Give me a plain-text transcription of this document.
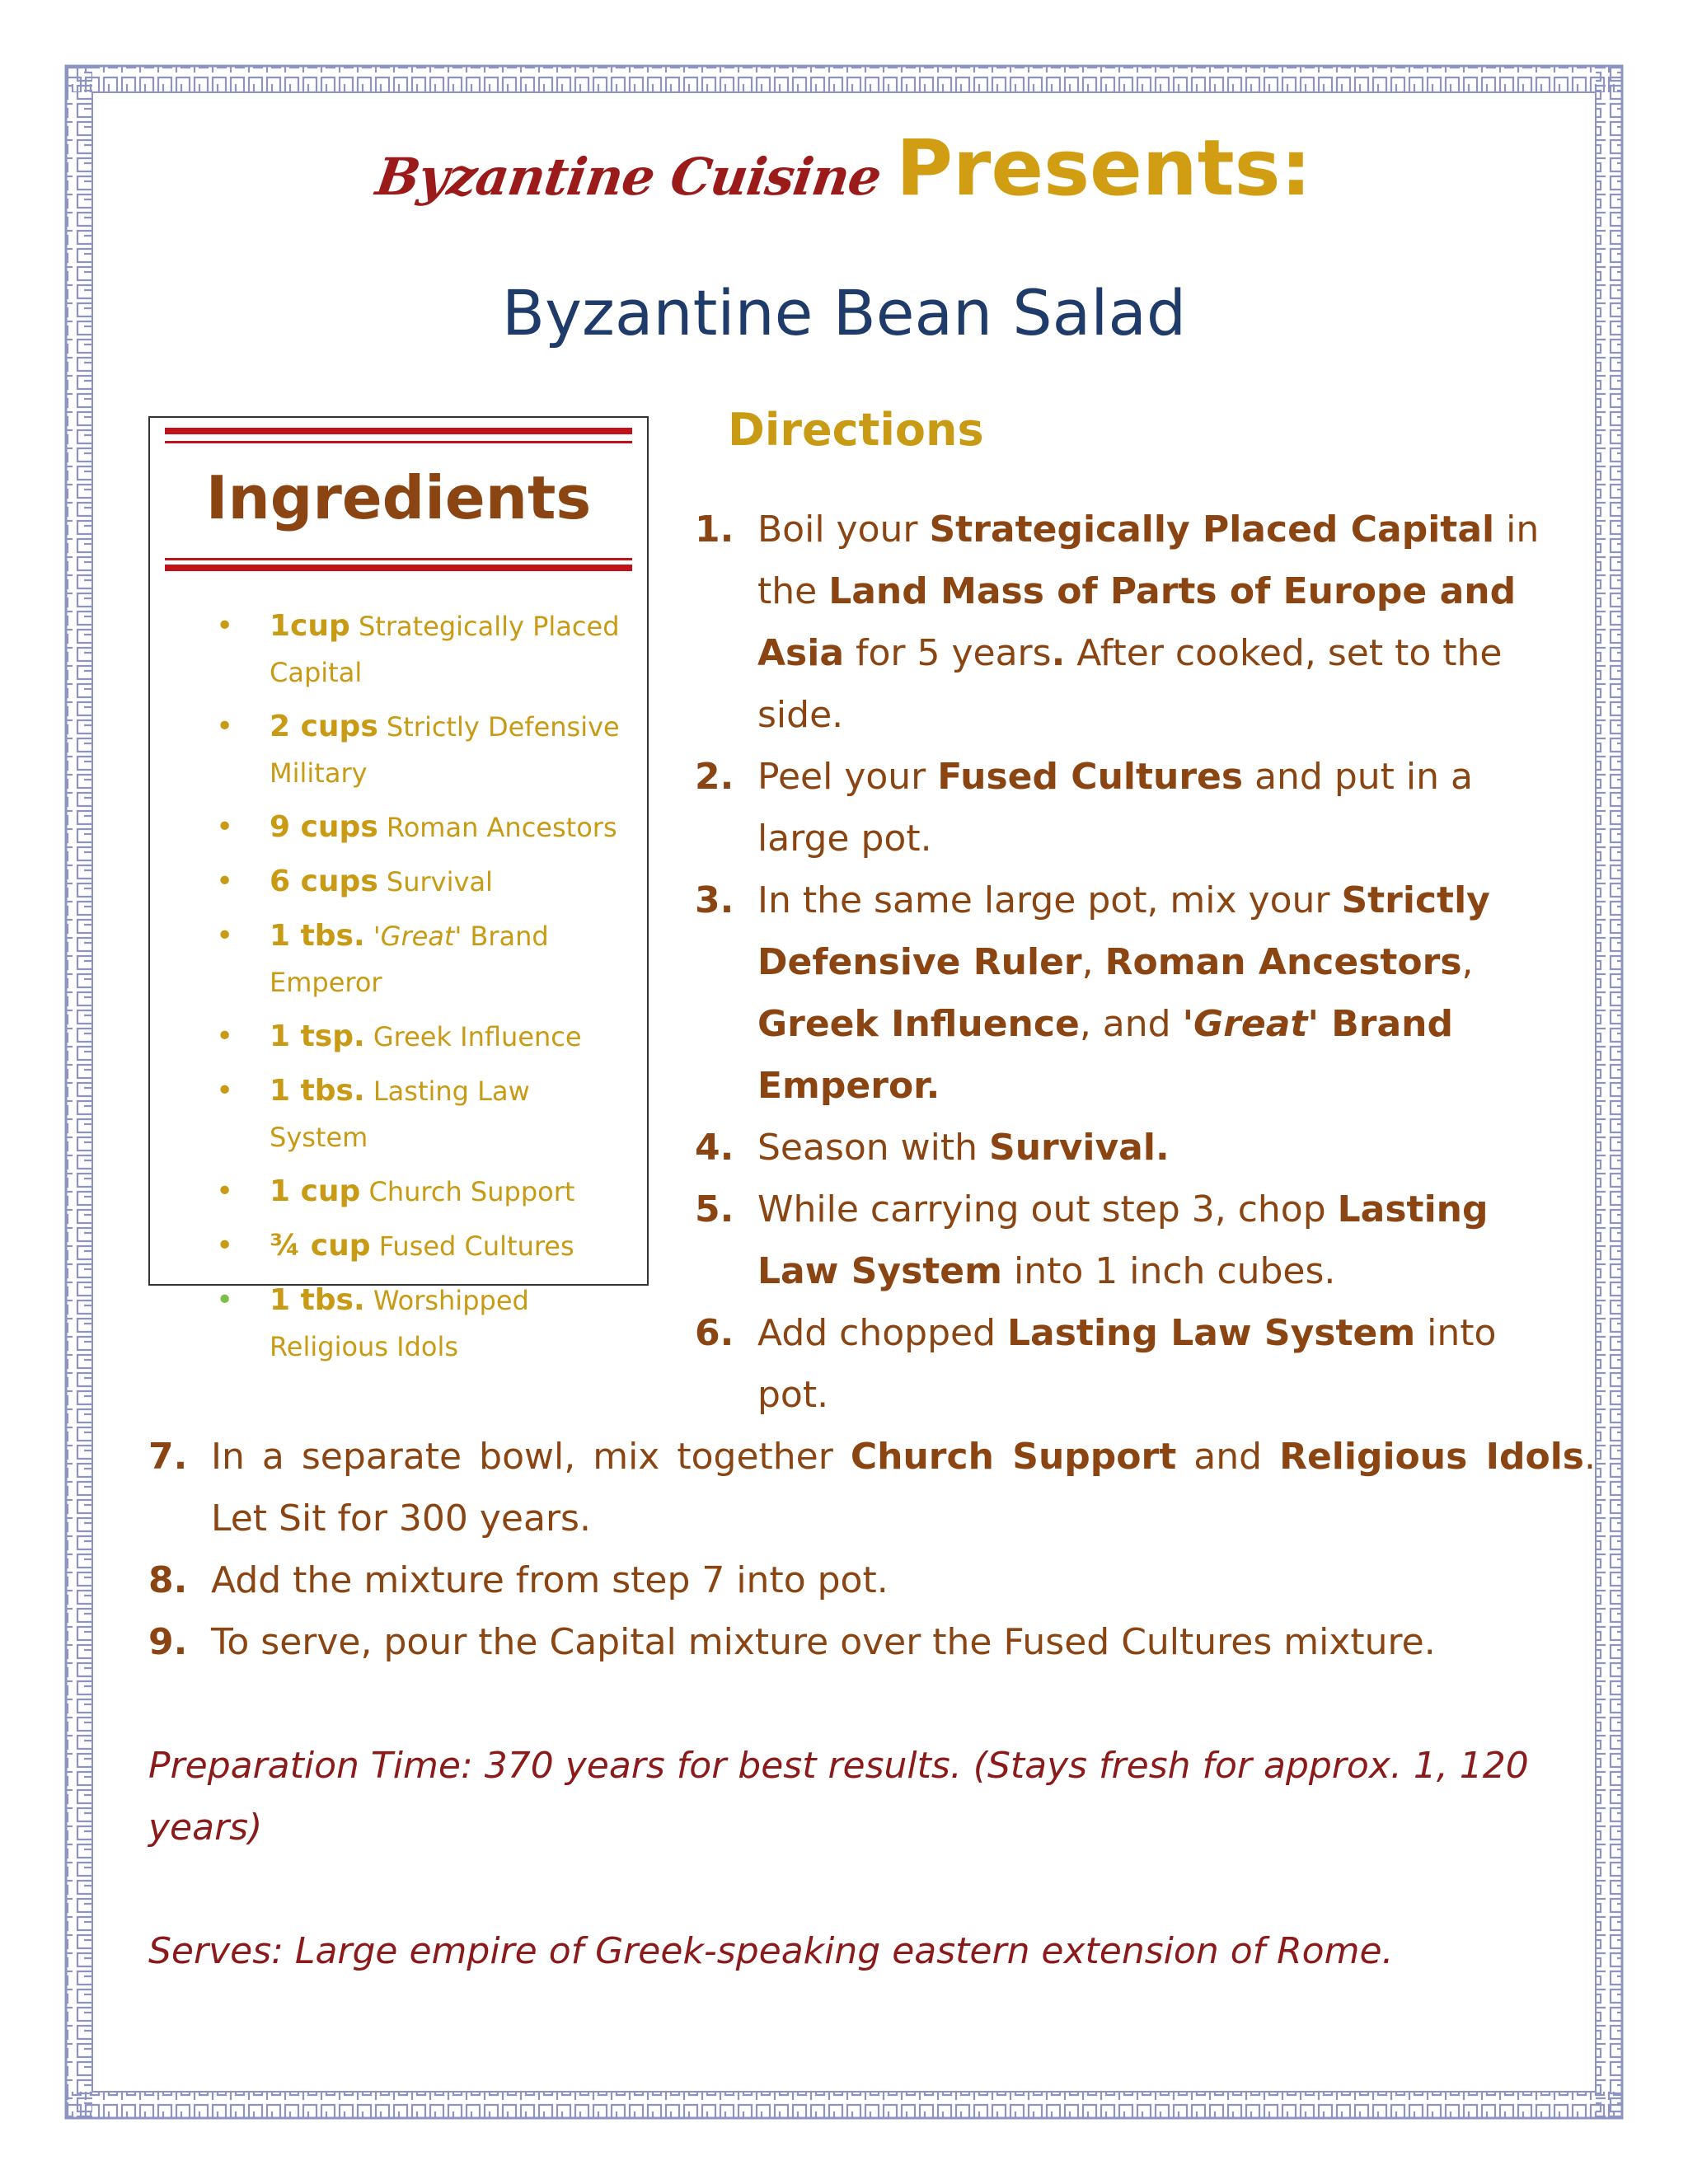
Byzantine Cuisine Presents:
Byzantine Bean Salad
Ingredients
• 1cup Strategically Placed Capital
• 2 cups Strictly Defensive Military
• 9 cups Roman Ancestors
• 6 cups Survival
• 1 tbs. 'Great' Brand Emperor
• 1 tsp. Greek Influence
• 1 tbs. Lasting Law System
• 1 cup Church Support
• ¾ cup Fused Cultures
• 1 tbs. Worshipped Religious Idols
Directions
1. Boil your Strategically Placed Capital in the Land Mass of Parts of Europe and Asia for 5 years. After cooked, set to the side.
2. Peel your Fused Cultures and put in a large pot.
3. In the same large pot, mix your Strictly Defensive Ruler, Roman Ancestors, Greek Influence, and 'Great' Brand Emperor.
4. Season with Survival.
5. While carrying out step 3, chop Lasting Law System into 1 inch cubes.
6. Add chopped Lasting Law System into pot.
7. In a separate bowl, mix together Church Support and Religious Idols. Let Sit for 300 years.
8. Add the mixture from step 7 into pot.
9. To serve, pour the Capital mixture over the Fused Cultures mixture.
Preparation Time: 370 years for best results. (Stays fresh for approx. 1, 120 years)
Serves: Large empire of Greek-speaking eastern extension of Rome.
